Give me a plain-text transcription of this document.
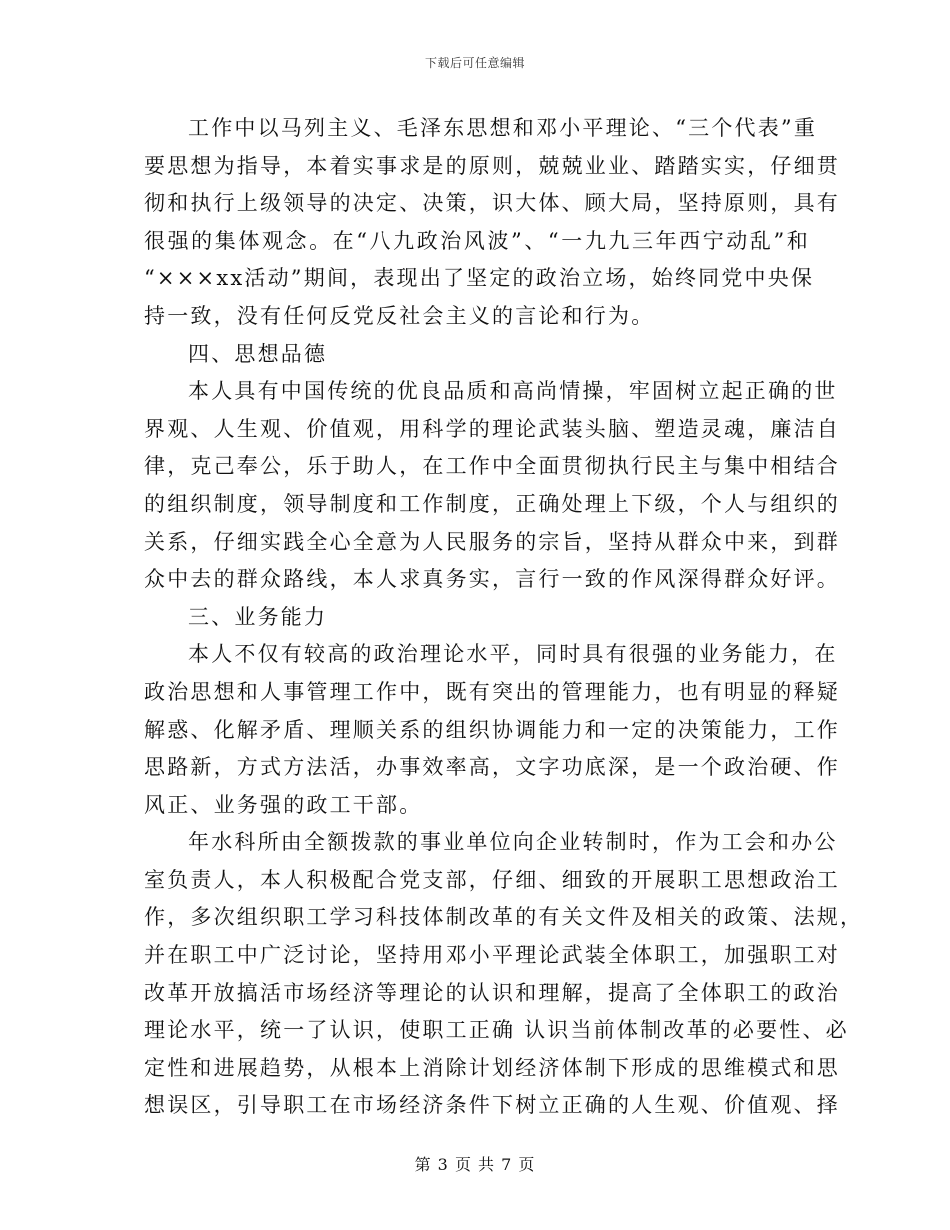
下载后可任意编辑
工作中以马列主义、毛泽东思想和邓小平理论、“三个代表”重
要思想为指导，本着实事求是的原则，兢兢业业、踏踏实实，仔细贯
彻和执行上级领导的决定、决策，识大体、顾大局，坚持原则，具有
很强的集体观念。在“八九政治风波”、“一九九三年西宁动乱”和
“×××xx活动”期间，表现出了坚定的政治立场，始终同党中央保
持一致，没有任何反党反社会主义的言论和行为。
四、思想品德
本人具有中国传统的优良品质和高尚情操，牢固树立起正确的世
界观、人生观、价值观，用科学的理论武装头脑、塑造灵魂，廉洁自
律，克己奉公，乐于助人，在工作中全面贯彻执行民主与集中相结合
的组织制度，领导制度和工作制度，正确处理上下级，个人与组织的
关系，仔细实践全心全意为人民服务的宗旨，坚持从群众中来，到群
众中去的群众路线，本人求真务实，言行一致的作风深得群众好评。
三、业务能力
本人不仅有较高的政治理论水平，同时具有很强的业务能力，在
政治思想和人事管理工作中，既有突出的管理能力，也有明显的释疑
解惑、化解矛盾、理顺关系的组织协调能力和一定的决策能力，工作
思路新，方式方法活，办事效率高，文字功底深，是一个政治硬、作
风正、业务强的政工干部。
年水科所由全额拨款的事业单位向企业转制时，作为工会和办公
室负责人，本人积极配合党支部，仔细、细致的开展职工思想政治工
作，多次组织职工学习科技体制改革的有关文件及相关的政策、法规，
并在职工中广泛讨论，坚持用邓小平理论武装全体职工，加强职工对
改革开放搞活市场经济等理论的认识和理解，提高了全体职工的政治
理论水平，统一了认识，使职工正确 认识当前体制改革的必要性、必
定性和进展趋势，从根本上消除计划经济体制下形成的思维模式和思
想误区，引导职工在市场经济条件下树立正确的人生观、价值观、择
第 3 页 共 7 页
